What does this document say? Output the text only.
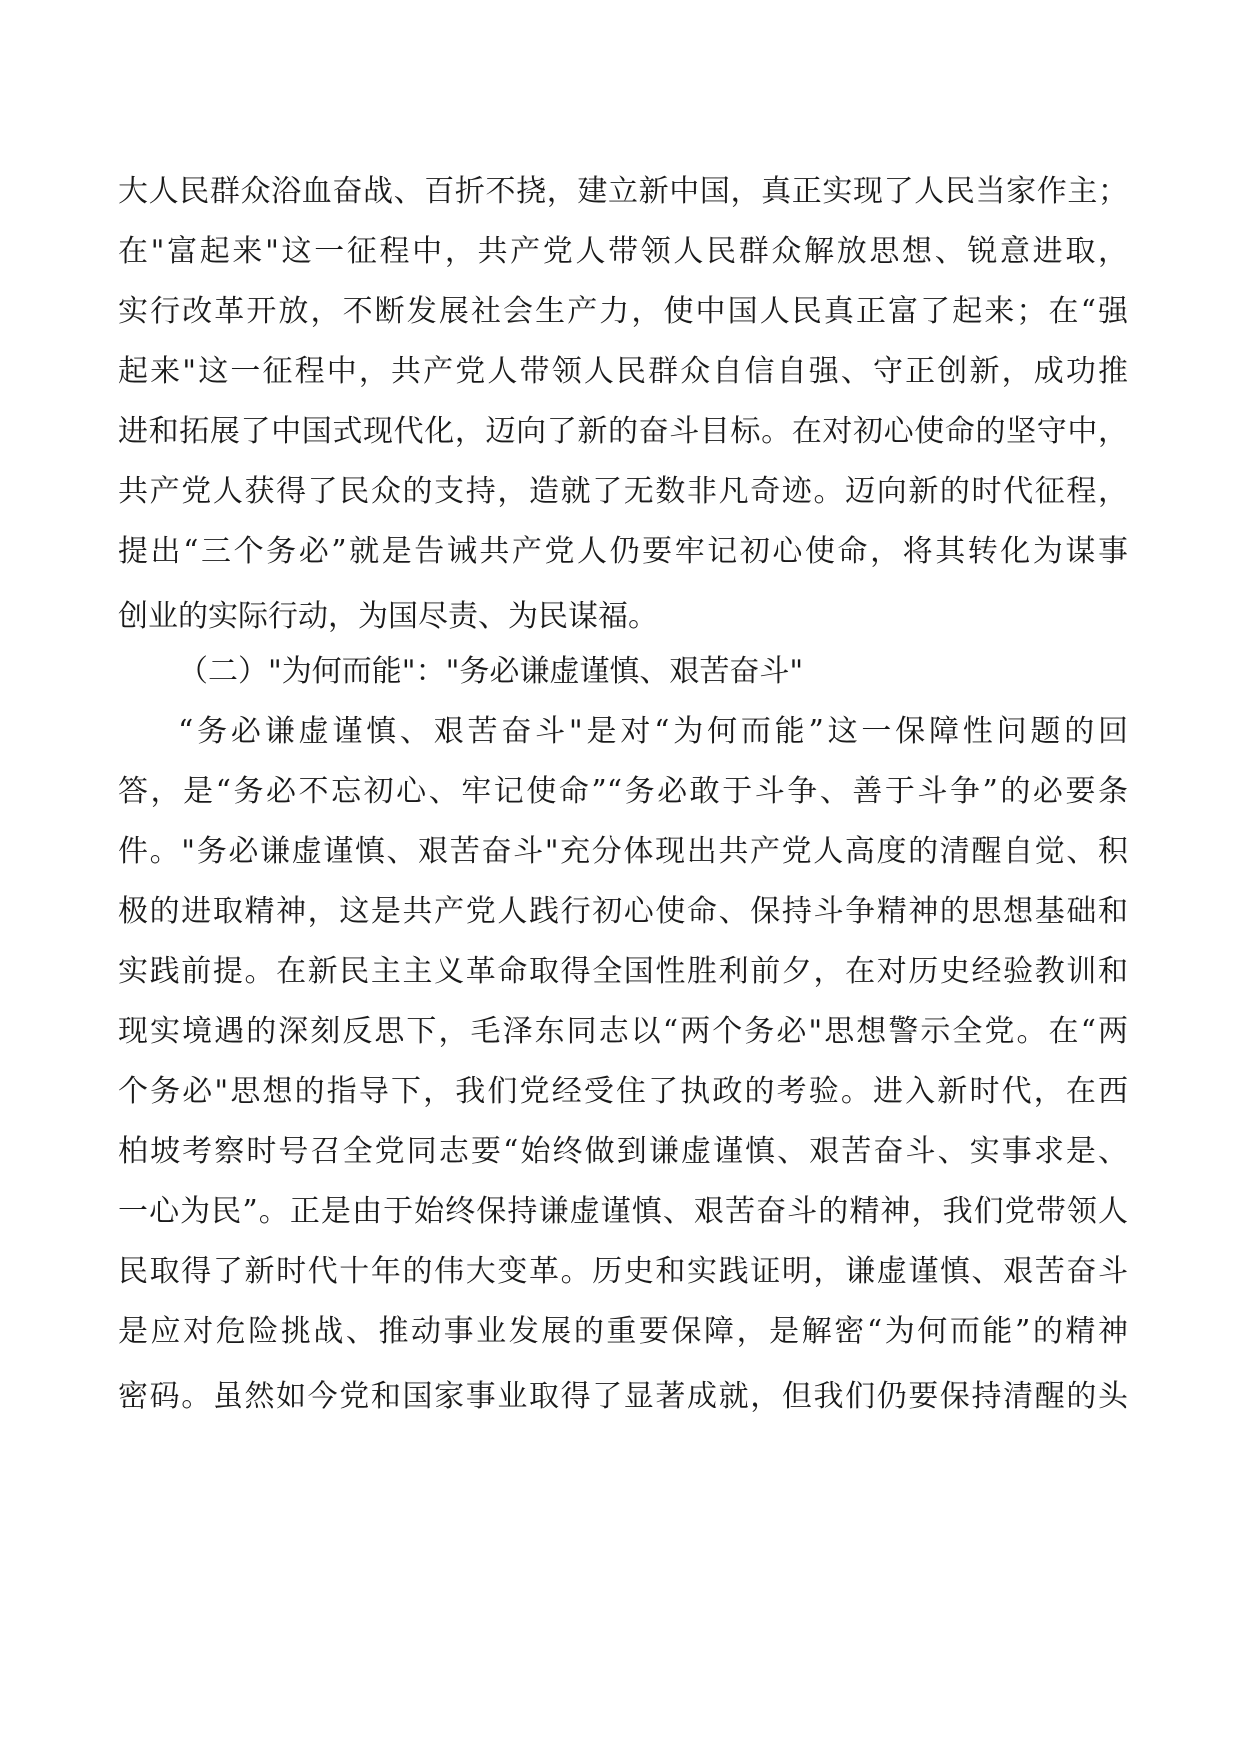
大人民群众浴血奋战、百折不挠，建立新中国，真正实现了人民当家作主；
在"富起来"这一征程中，共产党人带领人民群众解放思想、锐意进取，
实行改革开放，不断发展社会生产力，使中国人民真正富了起来；在“强
起来"这一征程中，共产党人带领人民群众自信自强、守正创新，成功推
进和拓展了中国式现代化，迈向了新的奋斗目标。在对初心使命的坚守中，
共产党人获得了民众的支持，造就了无数非凡奇迹。迈向新的时代征程，
提出“三个务必”就是告诫共产党人仍要牢记初心使命，将其转化为谋事
创业的实际行动，为国尽责、为民谋福。
（二）"为何而能"："务必谦虚谨慎、艰苦奋斗"
“务必谦虚谨慎、艰苦奋斗"是对“为何而能”这一保障性问题的回
答，是“务必不忘初心、牢记使命”“务必敢于斗争、善于斗争”的必要条
件。"务必谦虚谨慎、艰苦奋斗"充分体现出共产党人高度的清醒自觉、积
极的进取精神，这是共产党人践行初心使命、保持斗争精神的思想基础和
实践前提。在新民主主义革命取得全国性胜利前夕，在对历史经验教训和
现实境遇的深刻反思下，毛泽东同志以“两个务必"思想警示全党。在“两
个务必"思想的指导下，我们党经受住了执政的考验。进入新时代，在西
柏坡考察时号召全党同志要“始终做到谦虚谨慎、艰苦奋斗、实事求是、
一心为民”。正是由于始终保持谦虚谨慎、艰苦奋斗的精神，我们党带领人
民取得了新时代十年的伟大变革。历史和实践证明，谦虚谨慎、艰苦奋斗
是应对危险挑战、推动事业发展的重要保障，是解密“为何而能”的精神
密码。虽然如今党和国家事业取得了显著成就，但我们仍要保持清醒的头
